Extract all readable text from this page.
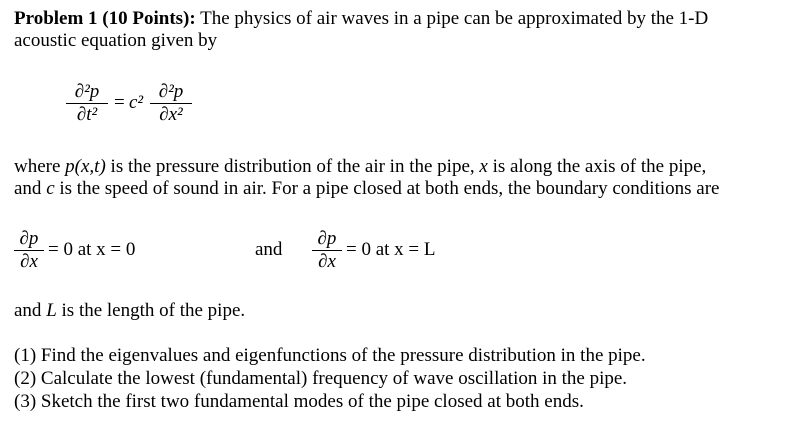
Problem 1 (10 Points): The physics of air waves in a pipe can be approximated by the 1-D
acoustic equation given by
∂²p
∂t²
= c²
∂²p
∂x²
where p(x,t) is the pressure distribution of the air in the pipe, x is along the axis of the pipe,
and c is the speed of sound in air. For a pipe closed at both ends, the boundary conditions are
∂p
∂x
= 0 at x = 0	and
∂p
∂x
= 0 at x = L
and L is the length of the pipe.
(1) Find the eigenvalues and eigenfunctions of the pressure distribution in the pipe.
(2) Calculate the lowest (fundamental) frequency of wave oscillation in the pipe.
(3) Sketch the first two fundamental modes of the pipe closed at both ends.
